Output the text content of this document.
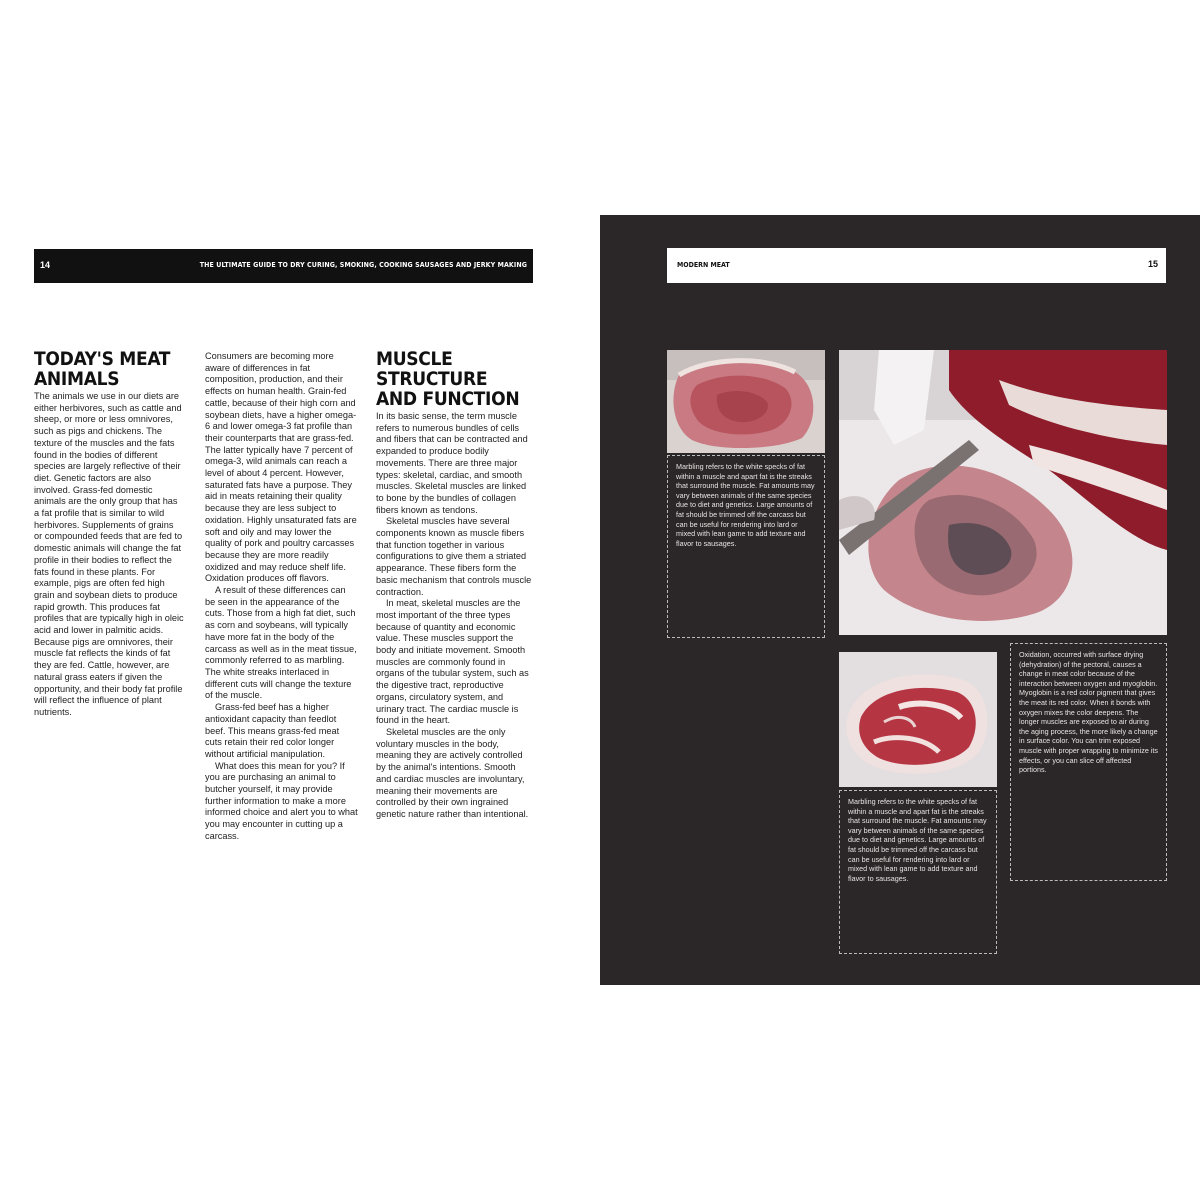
14	THE ULTIMATE GUIDE TO DRY CURING, SMOKING, COOKING SAUSAGES AND JERKY MAKING
TODAY'S MEAT ANIMALS

The animals we use in our diets are either herbivores, such as cattle and sheep, or more or less omnivores, such as pigs and chickens. The texture of the muscles and the fats found in the bodies of different species are largely reflective of their diet. Genetic factors are also involved. Grass-fed domestic animals are the only group that has a fat profile that is similar to wild herbivores. Supplements of grains or compounded feeds that are fed to domestic animals will change the fat profile in their bodies to reflect the fats found in these plants. For example, pigs are often fed high grain and soybean diets to produce rapid growth. This produces fat profiles that are typically high in oleic acid and lower in palmitic acids. Because pigs are omnivores, their muscle fat reflects the kinds of fat they are fed. Cattle, however, are natural grass eaters if given the opportunity, and their body fat profile will reflect the influence of plant nutrients.

Consumers are becoming more aware of differences in fat composition, production, and their effects on human health. Grain-fed cattle, because of their high corn and soybean diets, have a higher omega-6 and lower omega-3 fat profile than their counterparts that are grass-fed. The latter typically have 7 percent of omega-3, wild animals can reach a level of about 4 percent. However, saturated fats have a purpose. They aid in meats retaining their quality because they are less subject to oxidation. Highly unsaturated fats are soft and oily and may lower the quality of pork and poultry carcasses because they are more readily oxidized and may reduce shelf life. Oxidation produces off flavors.

A result of these differences can be seen in the appearance of the cuts. Those from a high fat diet, such as corn and soybeans, will typically have more fat in the body of the carcass as well as in the meat tissue, commonly referred to as marbling. The white streaks interlaced in different cuts will change the texture of the muscle.

Grass-fed beef has a higher antioxidant capacity than feedlot beef. This means grass-fed meat cuts retain their red color longer without artificial manipulation.

What does this mean for you? If you are purchasing an animal to butcher yourself, it may provide further information to make a more informed choice and alert you to what you may encounter in cutting up a carcass.

MUSCLE STRUCTURE AND FUNCTION

In its basic sense, the term muscle refers to numerous bundles of cells and fibers that can be contracted and expanded to produce bodily movements. There are three major types: skeletal, cardiac, and smooth muscles. Skeletal muscles are linked to bone by the bundles of collagen fibers known as tendons.

Skeletal muscles have several components known as muscle fibers that function together in various configurations to give them a striated appearance. These fibers form the basic mechanism that controls muscle contraction.

In meat, skeletal muscles are the most important of the three types because of quantity and economic value. These muscles support the body and initiate movement. Smooth muscles are commonly found in organs of the tubular system, such as the digestive tract, reproductive organs, circulatory system, and urinary tract. The cardiac muscle is found in the heart.

Skeletal muscles are the only voluntary muscles in the body, meaning they are actively controlled by the animal's intentions. Smooth and cardiac muscles are involuntary, meaning their movements are controlled by their own ingrained genetic nature rather than intentional.

MODERN MEAT	15
Marbling refers to the white specks of fat within a muscle and apart fat is the streaks that surround the muscle. Fat amounts may vary between animals of the same species due to diet and genetics. Large amounts of fat should be trimmed off the carcass but can be useful for rendering into lard or mixed with lean game to add texture and flavor to sausages.
Marbling refers to the white specks of fat within a muscle and apart fat is the streaks that surround the muscle. Fat amounts may vary between animals of the same species due to diet and genetics. Large amounts of fat should be trimmed off the carcass but can be useful for rendering into lard or mixed with lean game to add texture and flavor to sausages.
Oxidation, occurred with surface drying (dehydration) of the pectoral, causes a change in meat color because of the interaction between oxygen and myoglobin. Myoglobin is a red color pigment that gives the meat its red color. When it bonds with oxygen mixes the color deepens. The longer muscles are exposed to air during the aging process, the more likely a change in surface color. You can trim exposed muscle with proper wrapping to minimize its effects, or you can slice off affected portions.
